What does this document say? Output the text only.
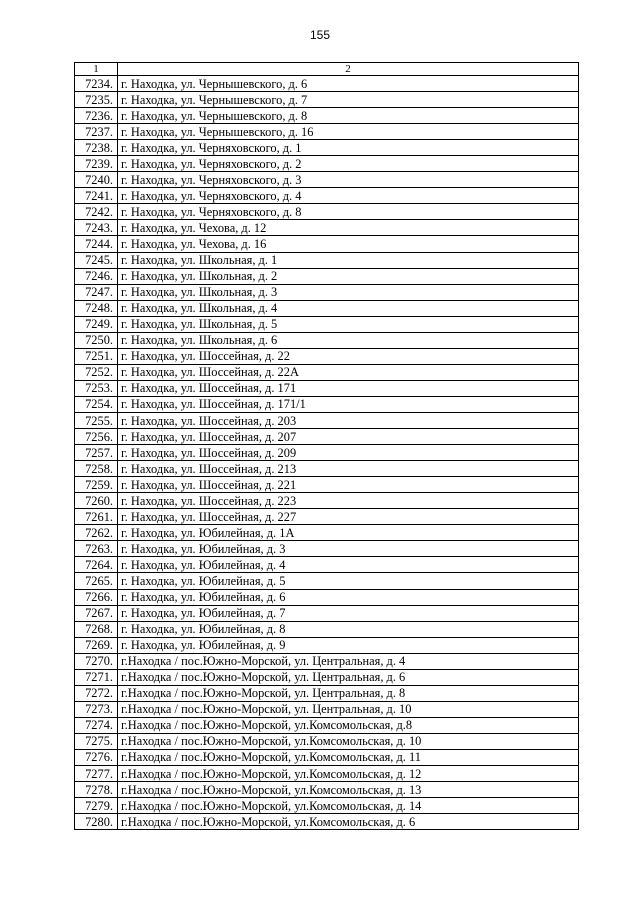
155
1	2
7234.	г. Находка, ул. Чернышевского, д. 6
7235.	г. Находка, ул. Чернышевского, д. 7
7236.	г. Находка, ул. Чернышевского, д. 8
7237.	г. Находка, ул. Чернышевского, д. 16
7238.	г. Находка, ул. Черняховского, д. 1
7239.	г. Находка, ул. Черняховского, д. 2
7240.	г. Находка, ул. Черняховского, д. 3
7241.	г. Находка, ул. Черняховского, д. 4
7242.	г. Находка, ул. Черняховского, д. 8
7243.	г. Находка, ул. Чехова, д. 12
7244.	г. Находка, ул. Чехова, д. 16
7245.	г. Находка, ул. Школьная, д. 1
7246.	г. Находка, ул. Школьная, д. 2
7247.	г. Находка, ул. Школьная, д. 3
7248.	г. Находка, ул. Школьная, д. 4
7249.	г. Находка, ул. Школьная, д. 5
7250.	г. Находка, ул. Школьная, д. 6
7251.	г. Находка, ул. Шоссейная, д. 22
7252.	г. Находка, ул. Шоссейная, д. 22А
7253.	г. Находка, ул. Шоссейная, д. 171
7254.	г. Находка, ул. Шоссейная, д. 171/1
7255.	г. Находка, ул. Шоссейная, д. 203
7256.	г. Находка, ул. Шоссейная, д. 207
7257.	г. Находка, ул. Шоссейная, д. 209
7258.	г. Находка, ул. Шоссейная, д. 213
7259.	г. Находка, ул. Шоссейная, д. 221
7260.	г. Находка, ул. Шоссейная, д. 223
7261.	г. Находка, ул. Шоссейная, д. 227
7262.	г. Находка, ул. Юбилейная, д. 1А
7263.	г. Находка, ул. Юбилейная, д. 3
7264.	г. Находка, ул. Юбилейная, д. 4
7265.	г. Находка, ул. Юбилейная, д. 5
7266.	г. Находка, ул. Юбилейная, д. 6
7267.	г. Находка, ул. Юбилейная, д. 7
7268.	г. Находка, ул. Юбилейная, д. 8
7269.	г. Находка, ул. Юбилейная, д. 9
7270.	г.Находка / пос.Южно-Морской, ул. Центральная, д. 4
7271.	г.Находка / пос.Южно-Морской, ул. Центральная, д. 6
7272.	г.Находка / пос.Южно-Морской, ул. Центральная, д. 8
7273.	г.Находка / пос.Южно-Морской, ул. Центральная, д. 10
7274.	г.Находка / пос.Южно-Морской, ул.Комсомольская, д.8
7275.	г.Находка / пос.Южно-Морской, ул.Комсомольская, д. 10
7276.	г.Находка / пос.Южно-Морской, ул.Комсомольская, д. 11
7277.	г.Находка / пос.Южно-Морской, ул.Комсомольская, д. 12
7278.	г.Находка / пос.Южно-Морской, ул.Комсомольская, д. 13
7279.	г.Находка / пос.Южно-Морской, ул.Комсомольская, д. 14
7280.	г.Находка / пос.Южно-Морской, ул.Комсомольская, д. 6
